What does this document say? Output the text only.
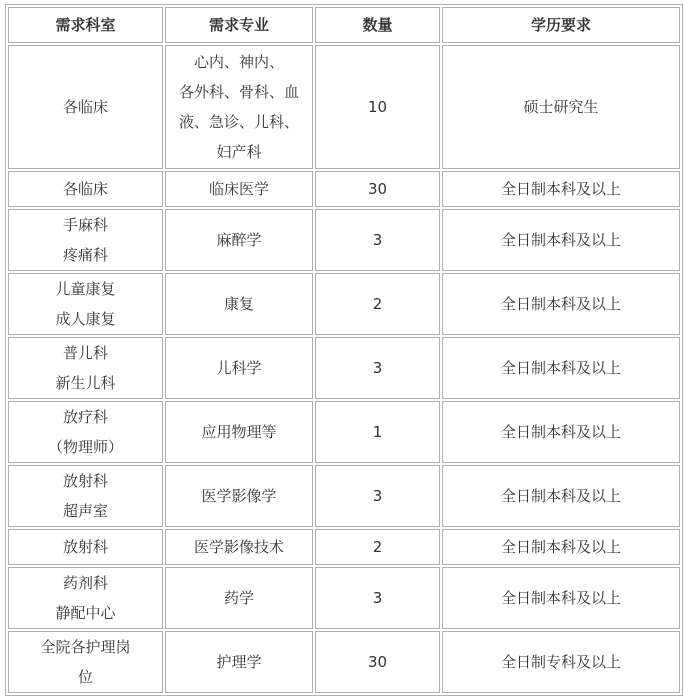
需求科室	需求专业	数量	学历要求

各临床	心内、神内、
各外科、骨科、血
液、急诊、儿科、
妇产科	10	硕士研究生

各临床	临床医学	30	全日制本科及以上

手麻科
疼痛科	麻醉学	3	全日制本科及以上

儿童康复
成人康复	康复	2	全日制本科及以上

普儿科
新生儿科	儿科学	3	全日制本科及以上

放疗科
（物理师）	应用物理等	1	全日制本科及以上

放射科
超声室	医学影像学	3	全日制本科及以上

放射科	医学影像技术	2	全日制本科及以上

药剂科
静配中心	药学	3	全日制本科及以上

全院各护理岗
位	护理学	30	全日制专科及以上
